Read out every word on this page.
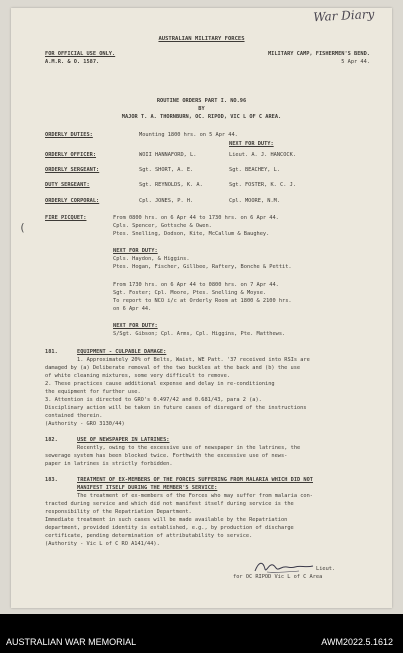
War Diary
AUSTRALIAN MILITARY FORCES
FOR OFFICIAL USE ONLY.
A.M.R. & O. 1587.
MILITARY CAMP, FISHERMEN'S BEND.
5 Apr 44.
ROUTINE ORDERS PART I. NO.96
BY
MAJOR T. A. THORNBURN, OC. RIPOD, VIC L OF C AREA.
ORDERLY DUTIES:	Mounting 1800 hrs. on 5 Apr 44.
NEXT FOR DUTY:
ORDERLY OFFICER:	WOII HANNAFORD, L.	Lieut. A. J. HANCOCK.
ORDERLY SERGEANT:	Sgt. SHORT, A. E.	Sgt. BEACHEY, L.
DUTY SERGEANT:	Sgt. REYNOLDS, K. A.	Sgt. FOSTER, K. C. J.
ORDERLY CORPORAL:	Cpl. JONES, P. H.	Cpl. MOORE, N.M.
(
FIRE PICQUET:	From 0800 hrs. on 6 Apr 44 to 1730 hrs. on 6 Apr 44.
Cpls. Spencer, Gottsche & Owen.
Ptes. Snelling, Dodson, Kite, McCallum & Baughey.
NEXT FOR DUTY:
Cpls. Haydon, & Higgins.
Ptes. Hogan, Fischer, Gillbee, Raftery, Bonche & Pettit.
From 1730 hrs. on 6 Apr 44 to 0800 hrs. on 7 Apr 44.
Sgt. Foster; Cpl. Moore, Ptes. Snelling & Moyse.
To report to NCO i/c at Orderly Room at 1800 & 2100 hrs.
on 6 Apr 44.
NEXT FOR DUTY:
S/Sgt. Gibson; Cpl. Arms, Cpl. Higgins, Pte. Matthews.
181.	EQUIPMENT - CULPABLE DAMAGE:
1. Approximately 20% of Belts, Waist, WE Patt. '37 received into RSIs are
damaged by (a) Deliberate removal of the two buckles at the back and (b) the use
of white cleaning mixtures, some very difficult to remove.
2. These practices cause additional expense and delay in re-conditioning
the equipment for further use.
3. Attention is directed to GRO's 0.497/42 and 0.681/43, para 2 (a).
Disciplinary action will be taken in future cases of disregard of the instructions
contained therein.
(Authority - GRO 3130/44)
182.	USE OF NEWSPAPER IN LATRINES:
Recently, owing to the excessive use of newspaper in the latrines, the
sewerage system has been blocked twice. Forthwith the excessive use of news-
paper in latrines is strictly forbidden.
183.	TREATMENT OF EX-MEMBERS OF THE FORCES SUFFERING FROM MALARIA WHICH DID NOT
MANIFEST ITSELF DURING THE MEMBER'S SERVICE:
The treatment of ex-members of the Forces who may suffer from malaria con-
tracted during service and which did not manifest itself during service is the
responsibility of the Repatriation Department.
Immediate treatment in such cases will be made available by the Repatriation
department, provided identity is established, e.g., by production of discharge
certificate, pending determination of attributability to service.
(Authority - Vic L of C RO A141/44).
Lieut.
for OC RIPOD Vic L of C Area
AUSTRALIAN WAR MEMORIAL	AWM2022.5.1612
